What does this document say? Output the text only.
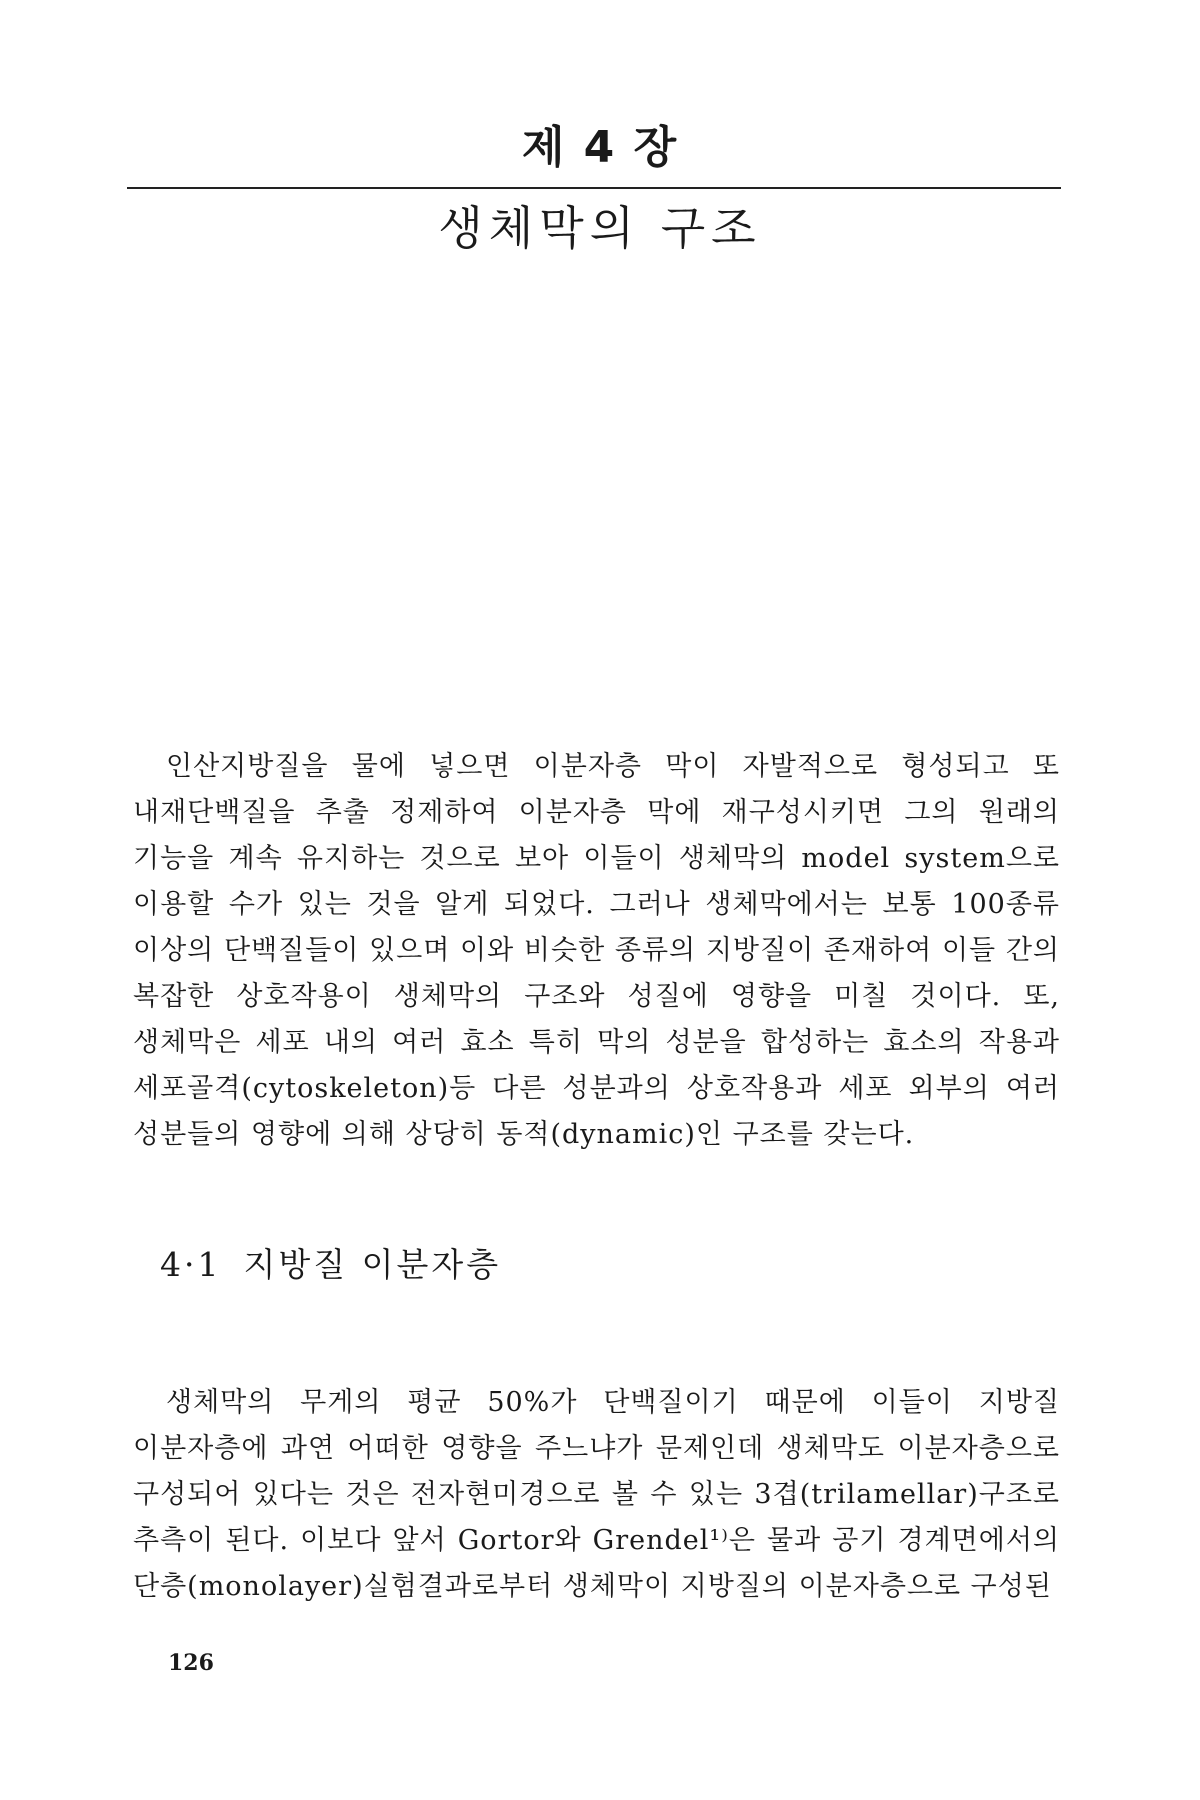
제 4 장
생체막의 구조

인산지방질을 물에 넣으면 이분자층 막이 자발적으로 형성되고 또 내재단백질을 추출 정제하여 이분자층 막에 재구성시키면 그의 원래의 기능을 계속 유지하는 것으로 보아 이들이 생체막의 model system으로 이용할 수가 있는 것을 알게 되었다. 그러나 생체막에서는 보통 100종류 이상의 단백질들이 있으며 이와 비슷한 종류의 지방질이 존재하여 이들 간의 복잡한 상호작용이 생체막의 구조와 성질에 영향을 미칠 것이다. 또, 생체막은 세포 내의 여러 효소 특히 막의 성분을 합성하는 효소의 작용과 세포골격(cytoskeleton)등 다른 성분과의 상호작용과 세포 외부의 여러 성분들의 영향에 의해 상당히 동적(dynamic)인 구조를 갖는다.

4·1 지방질 이분자층

생체막의 무게의 평균 50%가 단백질이기 때문에 이들이 지방질 이분자층에 과연 어떠한 영향을 주느냐가 문제인데 생체막도 이분자층으로 구성되어 있다는 것은 전자현미경으로 볼 수 있는 3겹(trilamellar)구조로 추측이 된다. 이보다 앞서 Gortor와 Grendel¹⁾은 물과 공기 경계면에서의 단층(monolayer)실험결과로부터 생체막이 지방질의 이분자층으로 구성된

126
